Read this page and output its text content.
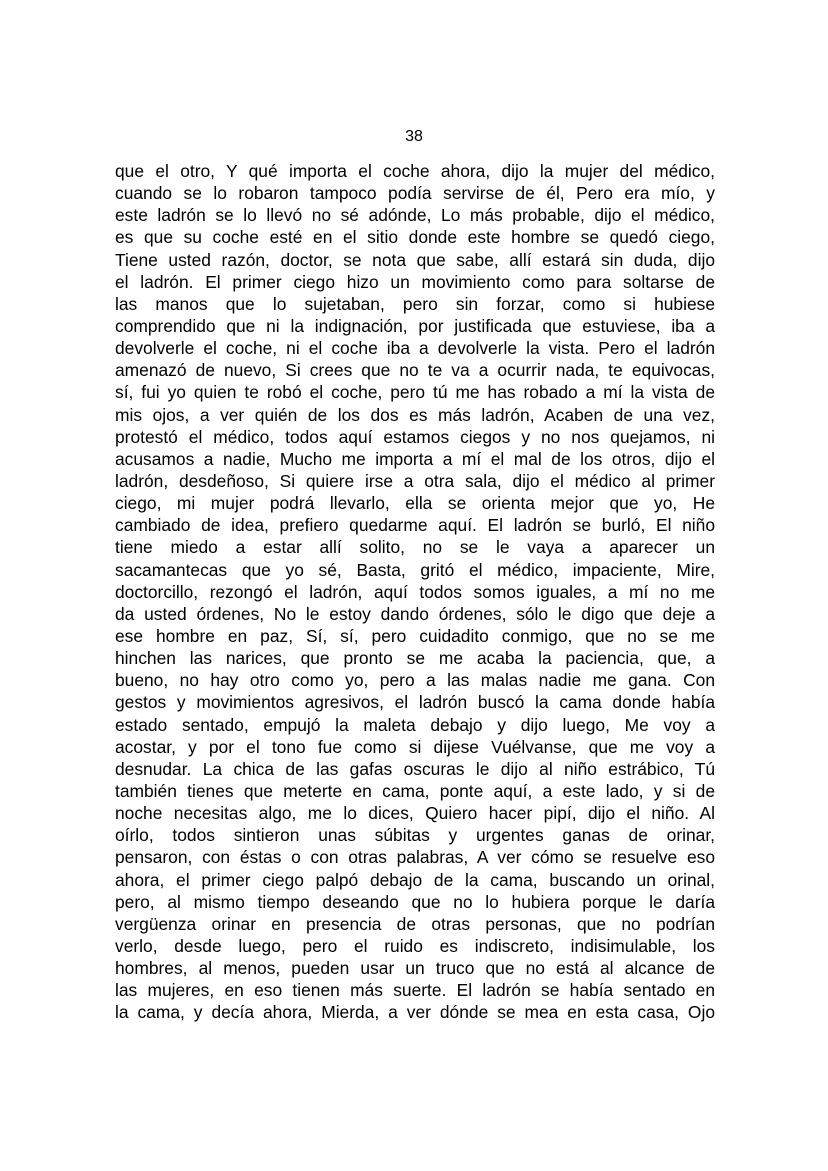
38
que el otro, Y qué importa el coche ahora, dijo la mujer del médico,
cuando se lo robaron tampoco podía servirse de él, Pero era mío, y
este ladrón se lo llevó no sé adónde, Lo más probable, dijo el médico,
es que su coche esté en el sitio donde este hombre se quedó ciego,
Tiene usted razón, doctor, se nota que sabe, allí estará sin duda, dijo
el ladrón. El primer ciego hizo un movimiento como para soltarse de
las manos que lo sujetaban, pero sin forzar, como si hubiese
comprendido que ni la indignación, por justificada que estuviese, iba a
devolverle el coche, ni el coche iba a devolverle la vista. Pero el ladrón
amenazó de nuevo, Si crees que no te va a ocurrir nada, te equivocas,
sí, fui yo quien te robó el coche, pero tú me has robado a mí la vista de
mis ojos, a ver quién de los dos es más ladrón, Acaben de una vez,
protestó el médico, todos aquí estamos ciegos y no nos quejamos, ni
acusamos a nadie, Mucho me importa a mí el mal de los otros, dijo el
ladrón, desdeñoso, Si quiere irse a otra sala, dijo el médico al primer
ciego, mi mujer podrá llevarlo, ella se orienta mejor que yo, He
cambiado de idea, prefiero quedarme aquí. El ladrón se burló, El niño
tiene miedo a estar allí solito, no se le vaya a aparecer un
sacamantecas que yo sé, Basta, gritó el médico, impaciente, Mire,
doctorcillo, rezongó el ladrón, aquí todos somos iguales, a mí no me
da usted órdenes, No le estoy dando órdenes, sólo le digo que deje a
ese hombre en paz, Sí, sí, pero cuidadito conmigo, que no se me
hinchen las narices, que pronto se me acaba la paciencia, que, a
bueno, no hay otro como yo, pero a las malas nadie me gana. Con
gestos y movimientos agresivos, el ladrón buscó la cama donde había
estado sentado, empujó la maleta debajo y dijo luego, Me voy a
acostar, y por el tono fue como si dijese Vuélvanse, que me voy a
desnudar. La chica de las gafas oscuras le dijo al niño estrábico, Tú
también tienes que meterte en cama, ponte aquí, a este lado, y si de
noche necesitas algo, me lo dices, Quiero hacer pipí, dijo el niño. Al
oírlo, todos sintieron unas súbitas y urgentes ganas de orinar,
pensaron, con éstas o con otras palabras, A ver cómo se resuelve eso
ahora, el primer ciego palpó debajo de la cama, buscando un orinal,
pero, al mismo tiempo deseando que no lo hubiera porque le daría
vergüenza orinar en presencia de otras personas, que no podrían
verlo, desde luego, pero el ruido es indiscreto, indisimulable, los
hombres, al menos, pueden usar un truco que no está al alcance de
las mujeres, en eso tienen más suerte. El ladrón se había sentado en
la cama, y decía ahora, Mierda, a ver dónde se mea en esta casa, Ojo
